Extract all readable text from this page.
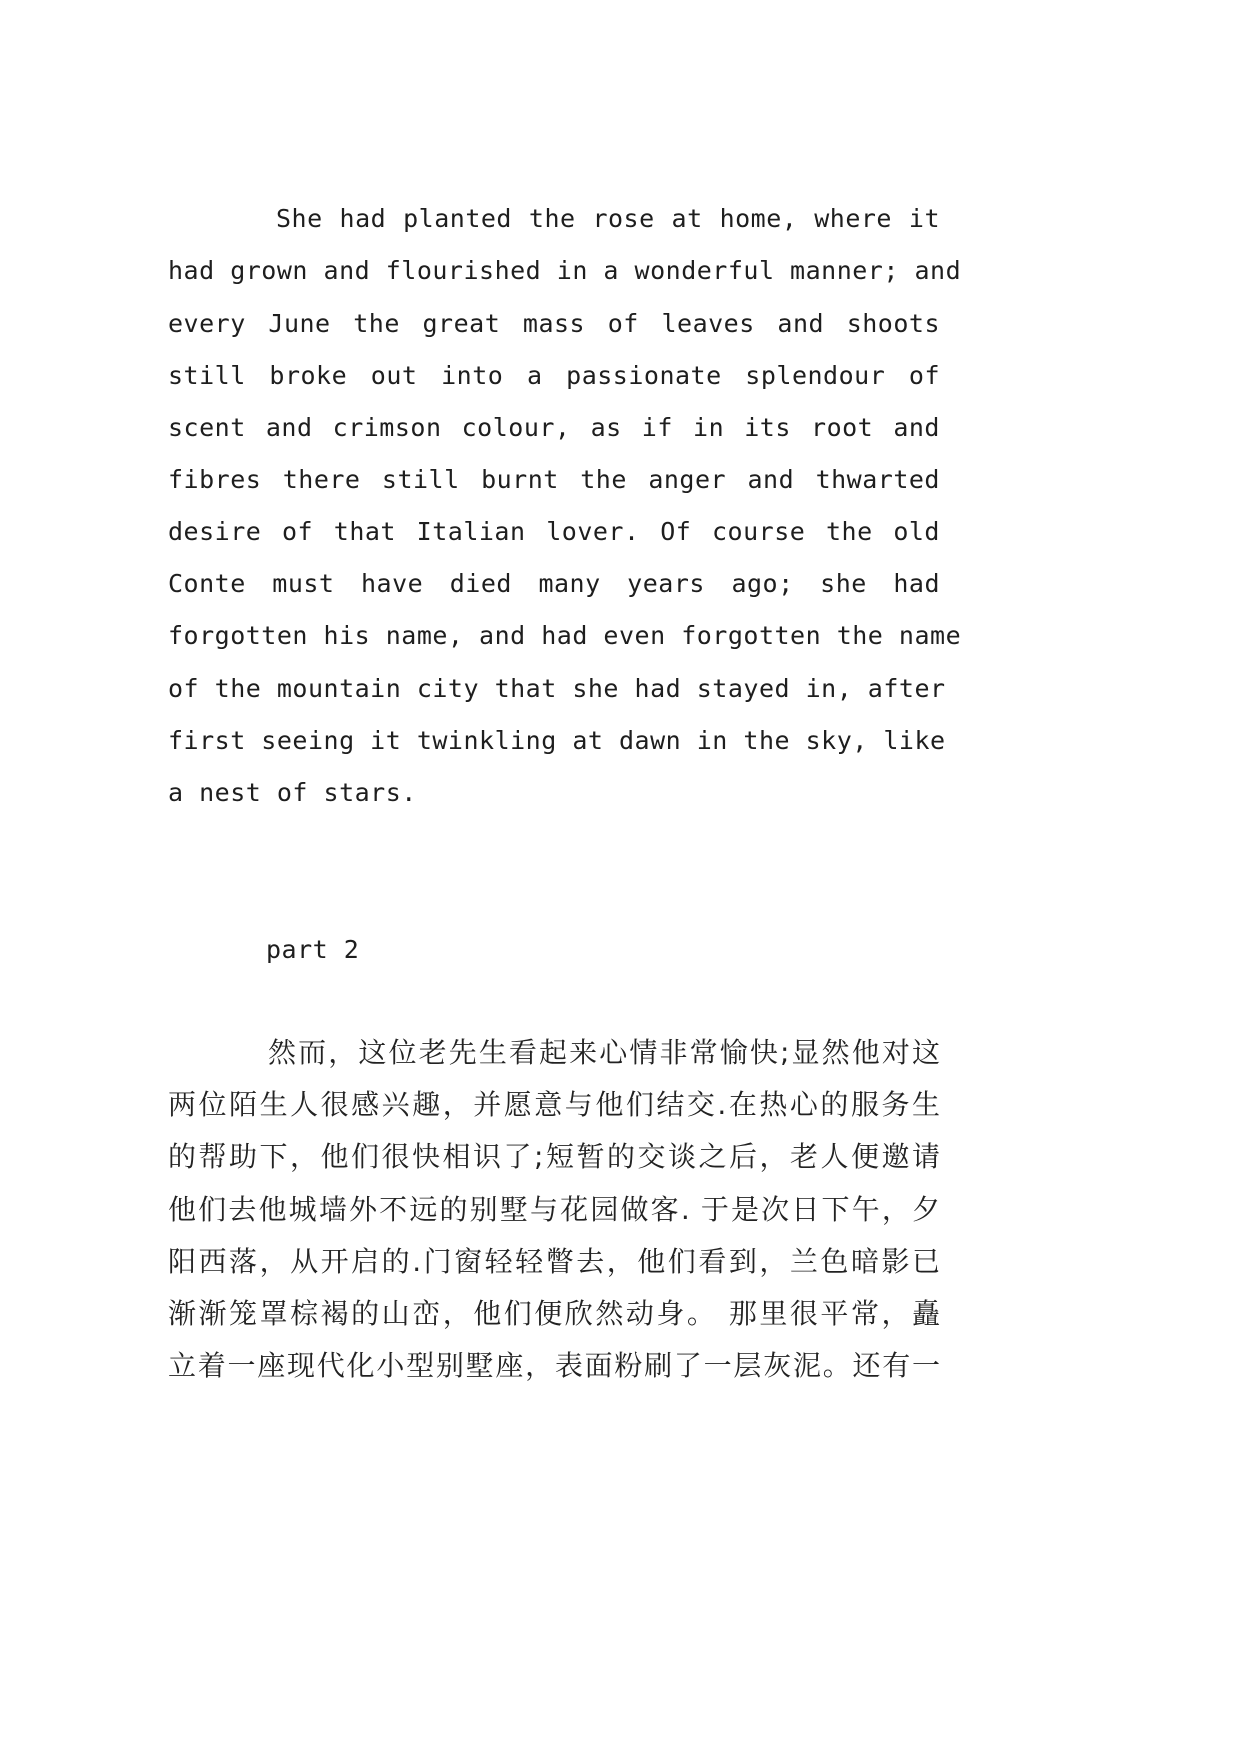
She had planted the rose at home, where it
had grown and flourished in a wonderful manner; and
every June the great mass of leaves and shoots
still broke out into a passionate splendour of
scent and crimson colour, as if in its root and
fibres there still burnt the anger and thwarted
desire of that Italian lover. Of course the old
Conte must have died many years ago; she had
forgotten his name, and had even forgotten the name
of the mountain city that she had stayed in, after
first seeing it twinkling at dawn in the sky, like
a nest of stars.
part 2
然而，这位老先生看起来心情非常愉快;显然他对这
两位陌生人很感兴趣，并愿意与他们结交.在热心的服务生
的帮助下，他们很快相识了;短暂的交谈之后，老人便邀请
他们去他城墙外不远的别墅与花园做客. 于是次日下午，夕
阳西落，从开启的.门窗轻轻瞥去，他们看到，兰色暗影已
渐渐笼罩棕褐的山峦，他们便欣然动身。 那里很平常，矗
立着一座现代化小型别墅座，表面粉刷了一层灰泥。还有一
